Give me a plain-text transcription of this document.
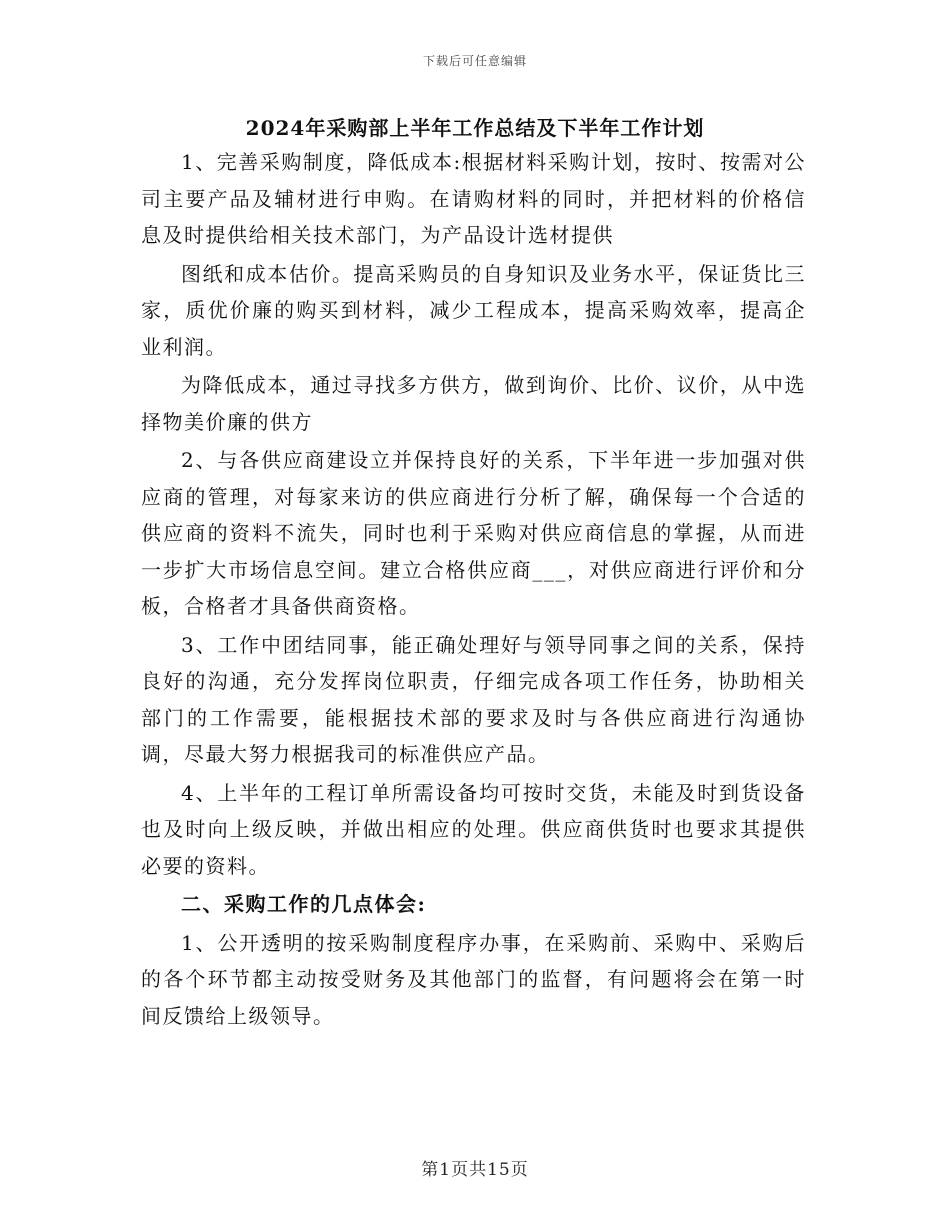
下载后可任意编辑
2024年采购部上半年工作总结及下半年工作计划

1、完善采购制度，降低成本:根据材料采购计划，按时、按需对公司主要产品及辅材进行申购。在请购材料的同时，并把材料的价格信息及时提供给相关技术部门，为产品设计选材提供

图纸和成本估价。提高采购员的自身知识及业务水平，保证货比三家，质优价廉的购买到材料，减少工程成本，提高采购效率，提高企业利润。

为降低成本，通过寻找多方供方，做到询价、比价、议价，从中选择物美价廉的供方

2、与各供应商建设立并保持良好的关系，下半年进一步加强对供应商的管理，对每家来访的供应商进行分析了解，确保每一个合适的供应商的资料不流失，同时也利于采购对供应商信息的掌握，从而进一步扩大市场信息空间。建立合格供应商___，对供应商进行评价和分板，合格者才具备供商资格。

3、工作中团结同事，能正确处理好与领导同事之间的关系，保持良好的沟通，充分发挥岗位职责，仔细完成各项工作任务，协助相关部门的工作需要，能根据技术部的要求及时与各供应商进行沟通协调，尽最大努力根据我司的标准供应产品。

4、上半年的工程订单所需设备均可按时交货，未能及时到货设备也及时向上级反映，并做出相应的处理。供应商供货时也要求其提供必要的资料。

二、采购工作的几点体会:

1、公开透明的按采购制度程序办事，在采购前、采购中、采购后的各个环节都主动按受财务及其他部门的监督，有问题将会在第一时间反馈给上级领导。

第1页共15页
